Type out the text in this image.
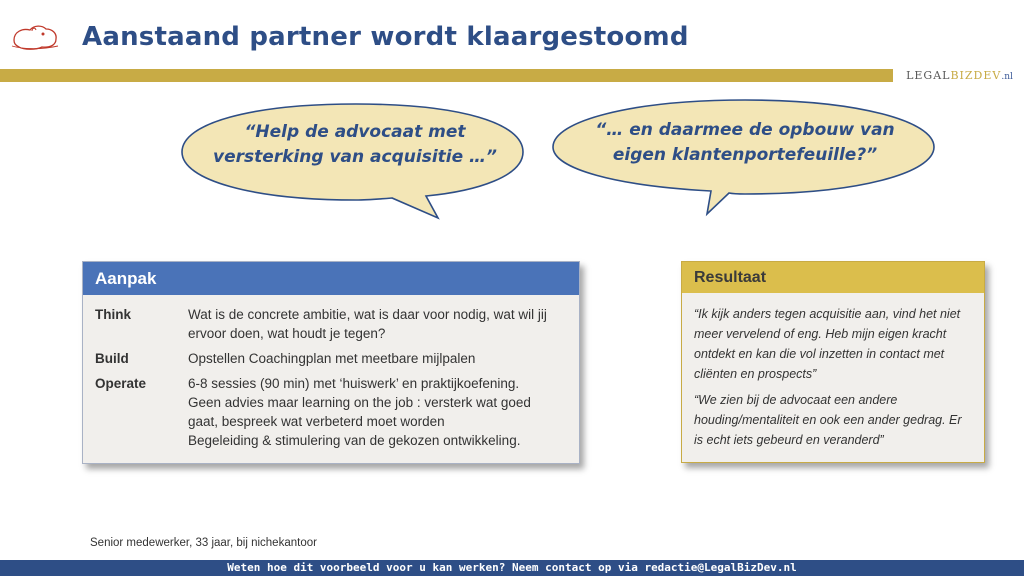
Aanstaand partner wordt klaargestoomd
LEGALBIZDEV.nl
“Help de advocaat met
versterking van acquisitie …”
“… en daarmee de opbouw van
eigen klantenportefeuille?”
Aanpak
Think	Wat is de concrete ambitie, wat is daar voor nodig, wat wil jij
ervoor doen, wat houdt je tegen?
Build	Opstellen Coachingplan met meetbare mijlpalen
Operate	6-8 sessies (90 min) met ‘huiswerk’ en praktijkoefening.
Geen advies maar learning on the job : versterk wat goed
gaat, bespreek wat verbeterd moet worden
Begeleiding & stimulering van de gekozen ontwikkeling.
Resultaat
“Ik kijk anders tegen acquisitie aan, vind het niet
meer vervelend of eng. Heb mijn eigen kracht
ontdekt en kan die vol inzetten in contact met
cliënten en prospects”
“We zien bij de advocaat een andere
houding/mentaliteit en ook een ander gedrag. Er
is echt iets gebeurd en veranderd”
Senior medewerker, 33 jaar, bij nichekantoor
Weten hoe dit voorbeeld voor u kan werken? Neem contact op via redactie@LegalBizDev.nl
